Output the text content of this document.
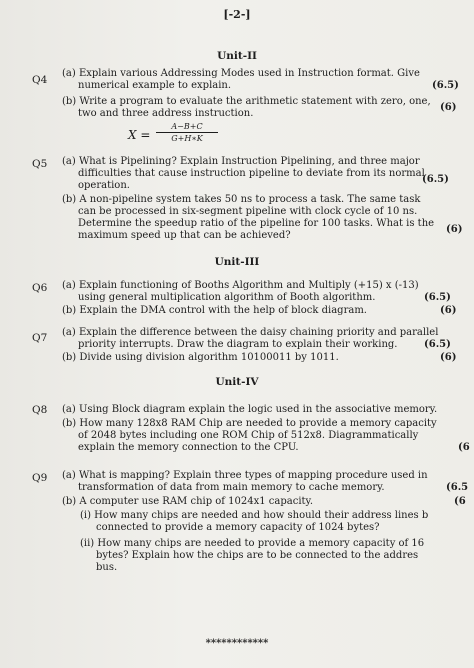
[-2-]
Unit-II
Q4
(a) Explain various Addressing Modes used in Instruction format. Give
numerical example to explain.	(6.5)
(b) Write a program to evaluate the arithmetic statement with zero, one,
two and three address instruction.
(6)
X =
A−B+C
G+H∗K
Q5 (a) What is Pipelining? Explain Instruction Pipelining, and three major
difficulties that cause instruction pipeline to deviate from its normal
operation.
(6.5)
(b) A non-pipeline system takes 50 ns to process a task. The same task
can be processed in six-segment pipeline with clock cycle of 10 ns.
Determine the speedup ratio of the pipeline for 100 tasks. What is the
maximum speed up that can be achieved?
(6)
Unit-III
Q6 (a) Explain functioning of Booths Algorithm and Multiply (+15) x (-13)
using general multiplication algorithm of Booth algorithm.	(6.5)
(b) Explain the DMA control with the help of block diagram.	(6)
Q7 (a) Explain the difference between the daisy chaining priority and parallel
priority interrupts. Draw the diagram to explain their working.	(6.5)
(b) Divide using division algorithm 10100011 by 1011.	(6)
Unit-IV
Q8 (a) Using Block diagram explain the logic used in the associative memory.
(b) How many 128x8 RAM Chip are needed to provide a memory capacity
of 2048 bytes including one ROM Chip of 512x8. Diagrammatically
explain the memory connection to the CPU.	(6
Q9 (a) What is mapping? Explain three types of mapping procedure used in
transformation of data from main memory to cache memory.	(6.5
(b) A computer use RAM chip of 1024x1 capacity.	(6
(i) How many chips are needed and how should their address lines b
connected to provide a memory capacity of 1024 bytes?
(ii) How many chips are needed to provide a memory capacity of 16
bytes? Explain how the chips are to be connected to the addres
bus.
************
